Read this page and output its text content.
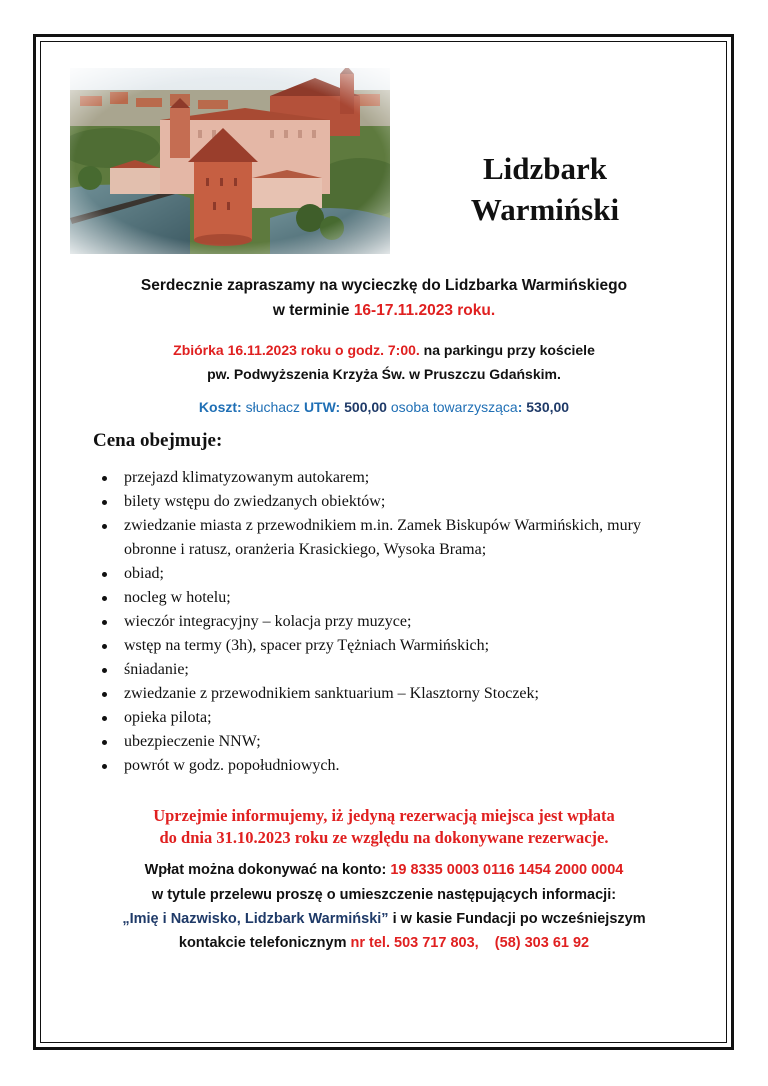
Lidzbark
Warmiński
Serdecznie zapraszamy na wycieczkę do Lidzbarka Warmińskiego
w terminie 16-17.11.2023 roku.
Zbiórka 16.11.2023 roku o godz. 7:00. na parkingu przy kościele
pw. Podwyższenia Krzyża Św. w Pruszczu Gdańskim.
Koszt: słuchacz UTW: 500,00 osoba towarzysząca: 530,00
Cena obejmuje:
przejazd klimatyzowanym autokarem;
bilety wstępu do zwiedzanych obiektów;
zwiedzanie miasta z przewodnikiem m.in. Zamek Biskupów Warmińskich, mury obronne i ratusz, oranżeria Krasickiego, Wysoka Brama;
obiad;
nocleg w hotelu;
wieczór integracyjny – kolacja przy muzyce;
wstęp na termy (3h), spacer przy Tężniach Warmińskich;
śniadanie;
zwiedzanie z przewodnikiem sanktuarium – Klasztorny Stoczek;
opieka pilota;
ubezpieczenie NNW;
powrót w godz. popołudniowych.
Uprzejmie informujemy, iż jedyną rezerwacją miejsca jest wpłata
do dnia 31.10.2023 roku ze względu na dokonywane rezerwacje.
Wpłat można dokonywać na konto: 19 8335 0003 0116 1454 2000 0004
w tytule przelewu proszę o umieszczenie następujących informacji:
„Imię i Nazwisko, Lidzbark Warmiński” i w kasie Fundacji po wcześniejszym
kontakcie telefonicznym nr tel. 503 717 803,    (58) 303 61 92
